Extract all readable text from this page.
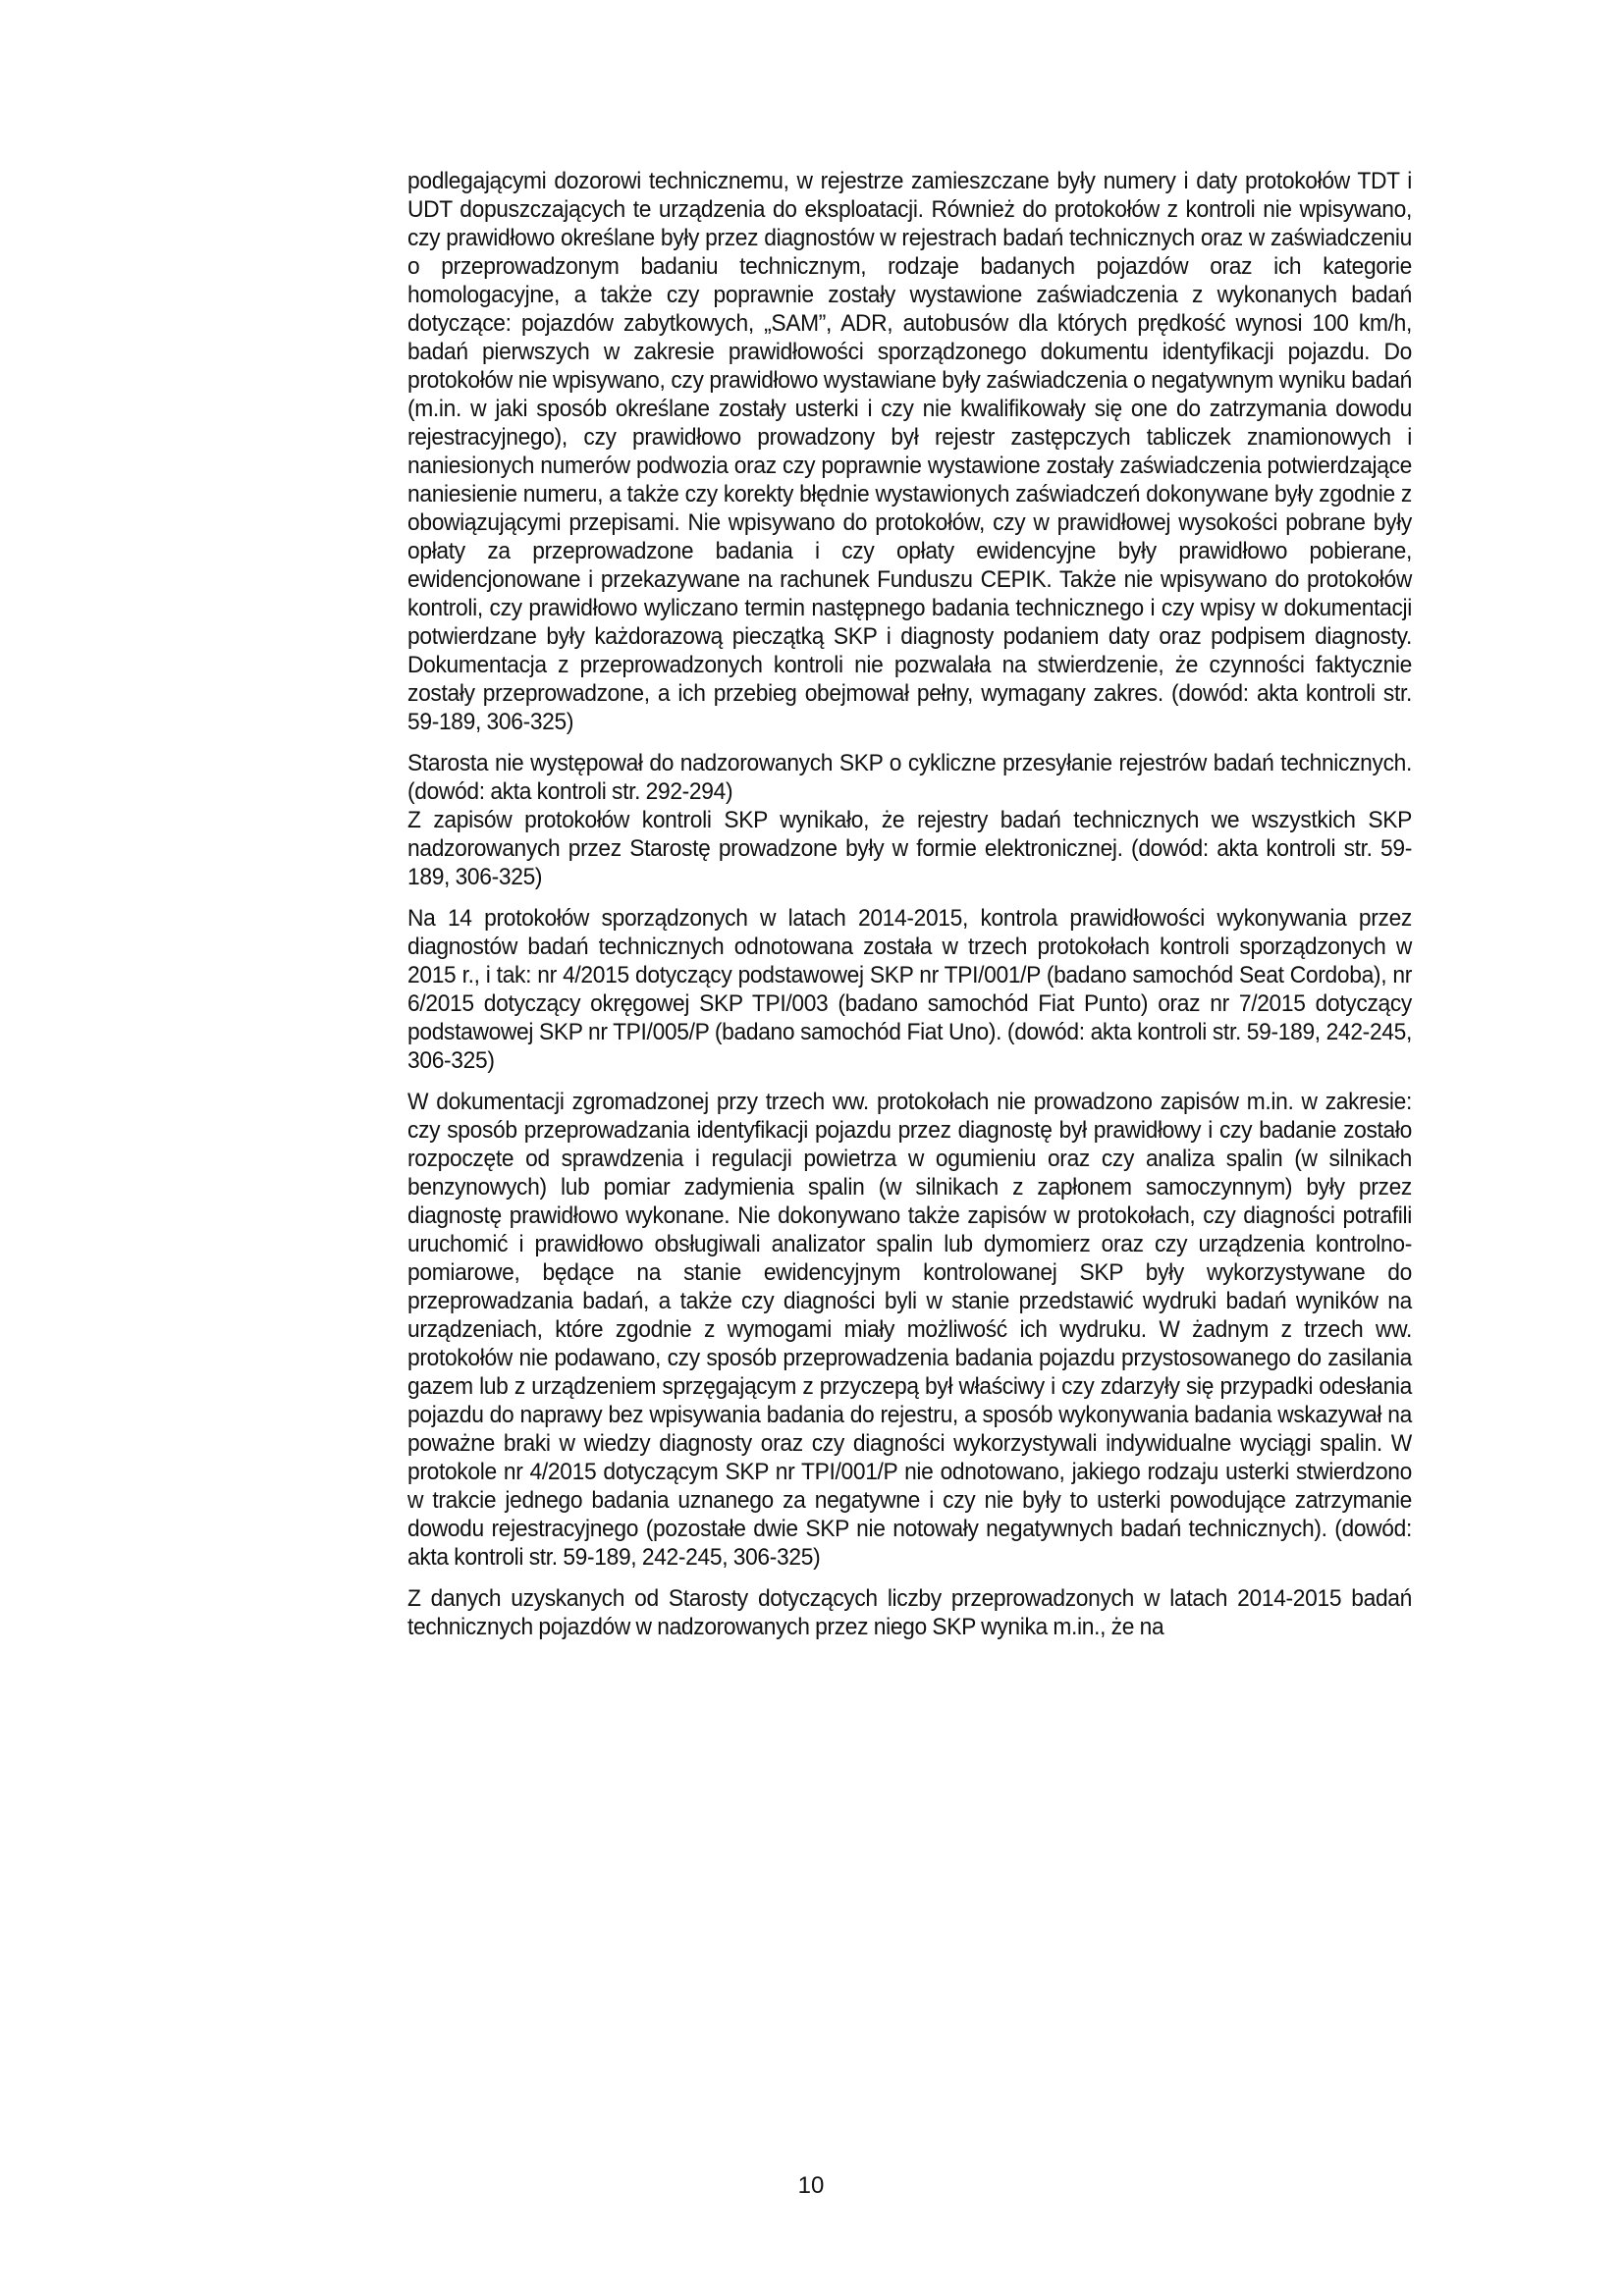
podlegającymi dozorowi technicznemu, w rejestrze zamieszczane były numery i daty protokołów TDT i UDT dopuszczających te urządzenia do eksploatacji. Również do protokołów z kontroli nie wpisywano, czy prawidłowo określane były przez diagnostów w rejestrach badań technicznych oraz w zaświadczeniu o przeprowadzonym badaniu technicznym, rodzaje badanych pojazdów oraz ich kategorie homologacyjne, a także czy poprawnie zostały wystawione zaświadczenia z wykonanych badań dotyczące: pojazdów zabytkowych, „SAM”, ADR, autobusów dla których prędkość wynosi 100 km/h, badań pierwszych w zakresie prawidłowości sporządzonego dokumentu identyfikacji pojazdu. Do protokołów nie wpisywano, czy prawidłowo wystawiane były zaświadczenia o negatywnym wyniku badań (m.in. w jaki sposób określane zostały usterki i czy nie kwalifikowały się one do zatrzymania dowodu rejestracyjnego), czy prawidłowo prowadzony był rejestr zastępczych tabliczek znamionowych i naniesionych numerów podwozia oraz czy poprawnie wystawione zostały zaświadczenia potwierdzające naniesienie numeru, a także czy korekty błędnie wystawionych zaświadczeń dokonywane były zgodnie z obowiązującymi przepisami. Nie wpisywano do protokołów, czy w prawidłowej wysokości pobrane były opłaty za przeprowadzone badania i czy opłaty ewidencyjne były prawidłowo pobierane, ewidencjonowane i przekazywane na rachunek Funduszu CEPIK. Także nie wpisywano do protokołów kontroli, czy prawidłowo wyliczano termin następnego badania technicznego i czy wpisy w dokumentacji potwierdzane były każdorazową pieczątką SKP i diagnosty podaniem daty oraz podpisem diagnosty. Dokumentacja z przeprowadzonych kontroli nie pozwalała na stwierdzenie, że czynności faktycznie zostały przeprowadzone, a ich przebieg obejmował pełny, wymagany zakres. (dowód: akta kontroli str. 59-189, 306-325)

Starosta nie występował do nadzorowanych SKP o cykliczne przesyłanie rejestrów badań technicznych. (dowód: akta kontroli str. 292-294)

Z zapisów protokołów kontroli SKP wynikało, że rejestry badań technicznych we wszystkich SKP nadzorowanych przez Starostę prowadzone były w formie elektronicznej. (dowód: akta kontroli str. 59-189, 306-325)

Na 14 protokołów sporządzonych w latach 2014-2015, kontrola prawidłowości wykonywania przez diagnostów badań technicznych odnotowana została w trzech protokołach kontroli sporządzonych w 2015 r., i tak: nr 4/2015 dotyczący podstawowej SKP nr TPI/001/P (badano samochód Seat Cordoba), nr 6/2015 dotyczący okręgowej SKP TPI/003 (badano samochód Fiat Punto) oraz nr 7/2015 dotyczący podstawowej SKP nr TPI/005/P (badano samochód Fiat Uno). (dowód: akta kontroli str. 59-189, 242-245, 306-325)

W dokumentacji zgromadzonej przy trzech ww. protokołach nie prowadzono zapisów m.in. w zakresie: czy sposób przeprowadzania identyfikacji pojazdu przez diagnostę był prawidłowy i czy badanie zostało rozpoczęte od sprawdzenia i regulacji powietrza w ogumieniu oraz czy analiza spalin (w silnikach benzynowych) lub pomiar zadymienia spalin (w silnikach z zapłonem samoczynnym) były przez diagnostę prawidłowo wykonane. Nie dokonywano także zapisów w protokołach, czy diagności potrafili uruchomić i prawidłowo obsługiwali analizator spalin lub dymomierz oraz czy urządzenia kontrolno-pomiarowe, będące na stanie ewidencyjnym kontrolowanej SKP były wykorzystywane do przeprowadzania badań, a także czy diagności byli w stanie przedstawić wydruki badań wyników na urządzeniach, które zgodnie z wymogami miały możliwość ich wydruku. W żadnym z trzech ww. protokołów nie podawano, czy sposób przeprowadzenia badania pojazdu przystosowanego do zasilania gazem lub z urządzeniem sprzęgającym z przyczepą był właściwy i czy zdarzyły się przypadki odesłania pojazdu do naprawy bez wpisywania badania do rejestru, a sposób wykonywania badania wskazywał na poważne braki w wiedzy diagnosty oraz czy diagności wykorzystywali indywidualne wyciągi spalin. W protokole nr 4/2015 dotyczącym SKP nr TPI/001/P nie odnotowano, jakiego rodzaju usterki stwierdzono w trakcie jednego badania uznanego za negatywne i czy nie były to usterki powodujące zatrzymanie dowodu rejestracyjnego (pozostałe dwie SKP nie notowały negatywnych badań technicznych). (dowód: akta kontroli str. 59-189, 242-245, 306-325)

Z danych uzyskanych od Starosty dotyczących liczby przeprowadzonych w latach 2014-2015 badań technicznych pojazdów w nadzorowanych przez niego SKP wynika m.in., że na

10
